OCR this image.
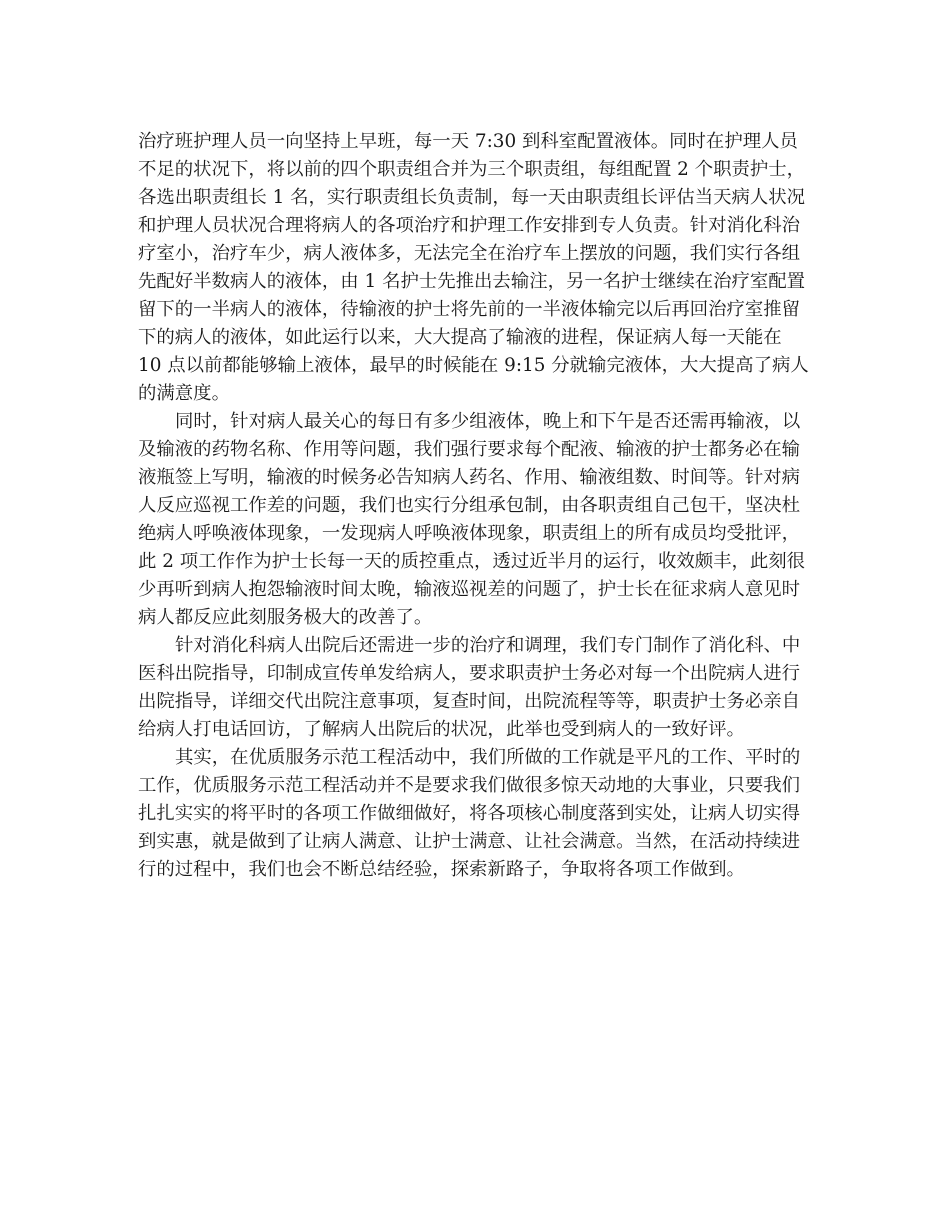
治疗班护理人员一向坚持上早班，每一天 7:30 到科室配置液体。同时在护理人员
不足的状况下，将以前的四个职责组合并为三个职责组，每组配置 2 个职责护士，
各选出职责组长 1 名，实行职责组长负责制，每一天由职责组长评估当天病人状况
和护理人员状况合理将病人的各项治疗和护理工作安排到专人负责。针对消化科治
疗室小，治疗车少，病人液体多，无法完全在治疗车上摆放的问题，我们实行各组
先配好半数病人的液体，由 1 名护士先推出去输注，另一名护士继续在治疗室配置
留下的一半病人的液体，待输液的护士将先前的一半液体输完以后再回治疗室推留
下的病人的液体，如此运行以来，大大提高了输液的进程，保证病人每一天能在
10 点以前都能够输上液体，最早的时候能在 9:15 分就输完液体，大大提高了病人
的满意度。
同时，针对病人最关心的每日有多少组液体，晚上和下午是否还需再输液，以
及输液的药物名称、作用等问题，我们强行要求每个配液、输液的护士都务必在输
液瓶签上写明，输液的时候务必告知病人药名、作用、输液组数、时间等。针对病
人反应巡视工作差的问题，我们也实行分组承包制，由各职责组自己包干，坚决杜
绝病人呼唤液体现象，一发现病人呼唤液体现象，职责组上的所有成员均受批评，
此 2 项工作作为护士长每一天的质控重点，透过近半月的运行，收效颇丰，此刻很
少再听到病人抱怨输液时间太晚，输液巡视差的问题了，护士长在征求病人意见时
病人都反应此刻服务极大的改善了。
针对消化科病人出院后还需进一步的治疗和调理，我们专门制作了消化科、中
医科出院指导，印制成宣传单发给病人，要求职责护士务必对每一个出院病人进行
出院指导，详细交代出院注意事项，复查时间，出院流程等等，职责护士务必亲自
给病人打电话回访，了解病人出院后的状况，此举也受到病人的一致好评。
其实，在优质服务示范工程活动中，我们所做的工作就是平凡的工作、平时的
工作，优质服务示范工程活动并不是要求我们做很多惊天动地的大事业，只要我们
扎扎实实的将平时的各项工作做细做好，将各项核心制度落到实处，让病人切实得
到实惠，就是做到了让病人满意、让护士满意、让社会满意。当然，在活动持续进
行的过程中，我们也会不断总结经验，探索新路子，争取将各项工作做到。
